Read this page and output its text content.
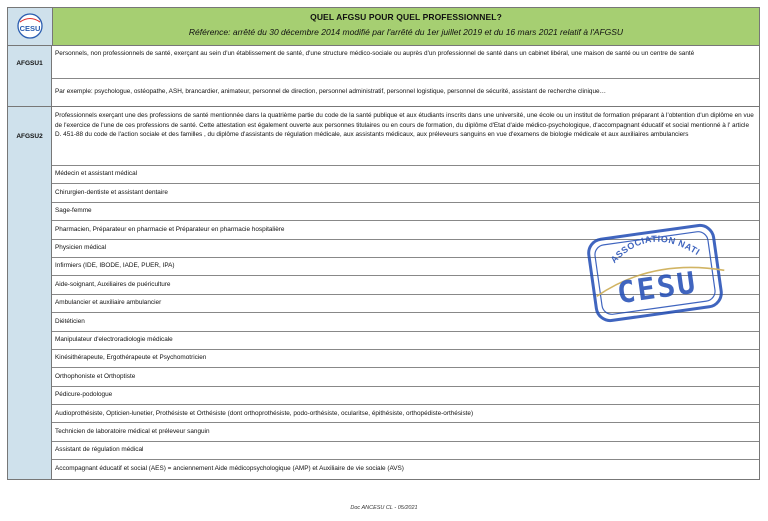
CESU
QUEL AFGSU POUR QUEL PROFESSIONNEL?
Référence: arrêté du 30 décembre 2014 modifié par l'arrêté du 1er juillet 2019 et du 16 mars 2021 relatif à l'AFGSU
AFGSU1
Personnels, non professionnels de santé, exerçant au sein d'un établissement de santé, d'une structure médico-sociale ou auprès d'un professionnel de santé dans un cabinet libéral, une maison de santé ou un centre de santé
Par exemple: psychologue, ostéopathe, ASH, brancardier, animateur, personnel de direction, personnel administratif, personnel logistique, personnel de sécurité, assistant de recherche clinique…
AFGSU2
Professionnels exerçant une des professions de santé mentionnée dans la quatrième partie du code de la santé publique et aux étudiants inscrits dans une université, une école ou un institut de formation préparant à l'obtention d'un diplôme en vue de l'exercice de l'une de ces professions de santé. Cette attestation est également ouverte aux personnes titulaires ou en cours de formation, du diplôme d'Etat d'aide médico-psychologique, d'accompagnant éducatif et social mentionné à l' article D. 451-88 du code de l'action sociale et des familles , du diplôme d'assistants de régulation médicale, aux assistants médicaux, aux préleveurs sanguins en vue d'examens de biologie médicale et aux auxiliaires ambulanciers
Médecin et assistant médical
Chirurgien-dentiste et assistant dentaire
Sage-femme
Pharmacien, Préparateur en pharmacie et Préparateur en pharmacie hospitalière
Physicien médical
Infirmiers (IDE, IBODE, IADE, PUER, IPA)
Aide-soignant, Auxiliaires de puériculture
Ambulancier et auxiliaire ambulancier
Diététicien
Manipulateur d'electroradiologie médicale
Kinésithérapeute, Ergothérapeute et Psychomotricien
Orthophoniste et Orthoptiste
Pédicure-podologue
Audioprothésiste, Opticien-lunetier, Prothésiste et Orthésiste (dont orthoprothésiste, podo-orthésiste, ocularitse, épithésiste, orthopédiste-orthésiste)
Technicien de laboratoire médical et préleveur sanguin
Assistant de régulation médical
Accompagnant éducatif et social (AES) = anciennement Aide médicopsychologique (AMP) et Auxiliaire de vie sociale (AVS)
ASSOCIATION NATIONALE
CESU
Doc ANCESU CL - 05/2021
